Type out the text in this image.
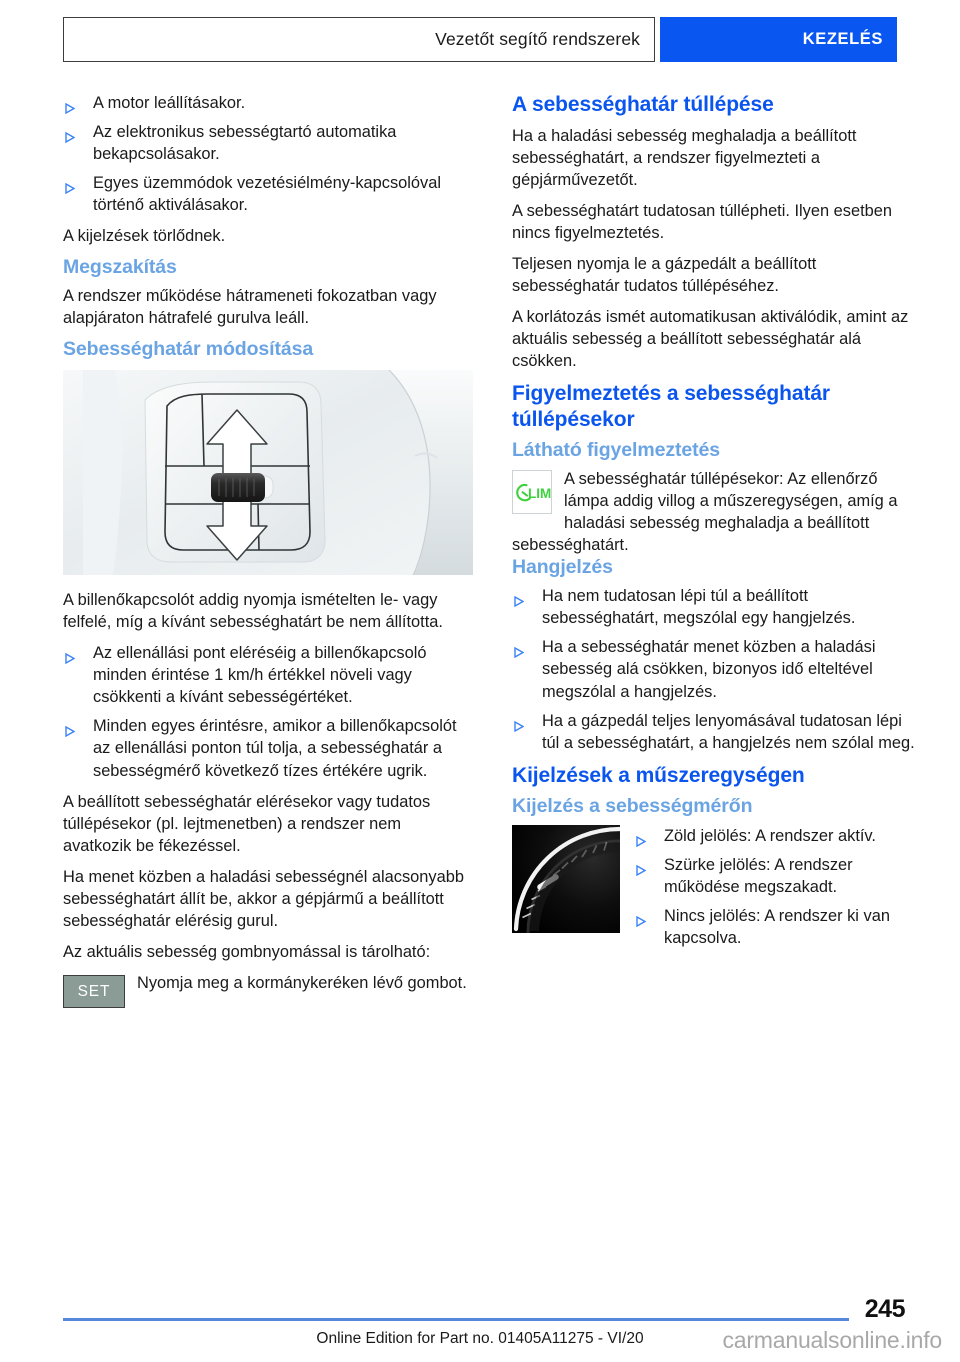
Vezetőt segítő rendszerek	KEZELÉS
A motor leállításakor.
Az elektronikus sebességtartó automatika bekapcsolásakor.
Egyes üzemmódok vezetésiélmény-kapcsolóval történő aktiválásakor.

A kijelzések törlődnek.

Megszakítás

A rendszer működése hátrameneti fokozatban vagy alapjáraton hátrafelé gurulva leáll.

Sebességhatár módosítása

A billenőkapcsolót addig nyomja ismételten le- vagy felfelé, míg a kívánt sebességhatárt be nem állította.

Az ellenállási pont eléréséig a billenőkapcsoló minden érintése 1 km/h értékkel növeli vagy csökkenti a kívánt sebességértéket.
Minden egyes érintésre, amikor a billenőkapcsolót az ellenállási ponton túl tolja, a sebességhatár a sebességmérő következő tízes értékére ugrik.

A beállított sebességhatár elérésekor vagy tudatos túllépésekor (pl. lejtmenetben) a rendszer nem avatkozik be fékezéssel.

Ha menet közben a haladási sebességnél alacsonyabb sebességhatárt állít be, akkor a gépjármű a beállított sebességhatár elérésig gurul.

Az aktuális sebesség gombnyomással is tárolható:

SET Nyomja meg a kormánykeréken lévő gombot.
A sebességhatár túllépése

Ha a haladási sebesség meghaladja a beállított sebességhatárt, a rendszer figyelmezteti a gépjárművezetőt.

A sebességhatárt tudatosan túllépheti. Ilyen esetben nincs figyelmeztetés.

Teljesen nyomja le a gázpedált a beállított sebességhatár tudatos túllépéséhez.

A korlátozás ismét automatikusan aktiválódik, amint az aktuális sebesség a beállított sebességhatár alá csökken.

Figyelmeztetés a sebességhatár túllépésekor
Látható figyelmeztetés
LIM

A sebességhatár túllépésekor: Az ellenőrző lámpa addig villog a műszeregységen, amíg a haladási sebesség meghaladja a beállított sebességhatárt.

Hangjelzés
Ha nem tudatosan lépi túl a beállított sebességhatárt, megszólal egy hangjelzés.
Ha a sebességhatár menet közben a haladási sebesség alá csökken, bizonyos idő elteltével megszólal a hangjelzés.
Ha a gázpedál teljes lenyomásával tudatosan lépi túl a sebességhatárt, a hangjelzés nem szólal meg.
Kijelzések a műszeregységen
Kijelzés a sebességmérőn
Zöld jelölés: A rendszer aktív.
Szürke jelölés: A rendszer működése megszakadt.
Nincs jelölés: A rendszer ki van kapcsolva.
245
Online Edition for Part no. 01405A11275 - VI/20	carmanualsonline.info
